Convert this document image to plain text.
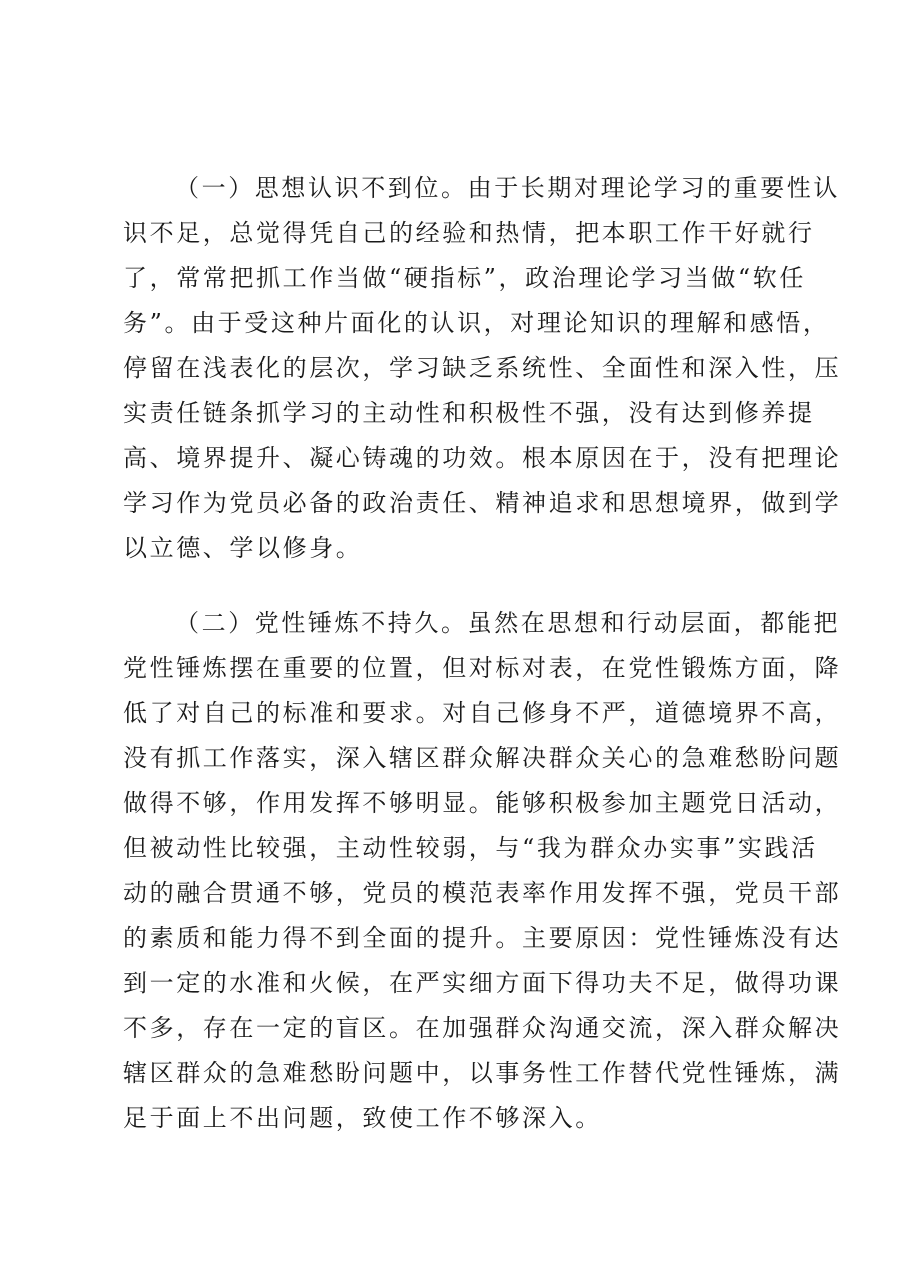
（一）思想认识不到位。由于长期对理论学习的重要性认
识不足，总觉得凭自己的经验和热情，把本职工作干好就行
了，常常把抓工作当做“硬指标”，政治理论学习当做“软任
务”。由于受这种片面化的认识，对理论知识的理解和感悟，
停留在浅表化的层次，学习缺乏系统性、全面性和深入性，压
实责任链条抓学习的主动性和积极性不强，没有达到修养提
高、境界提升、凝心铸魂的功效。根本原因在于，没有把理论
学习作为党员必备的政治责任、精神追求和思想境界，做到学
以立德、学以修身。
（二）党性锤炼不持久。虽然在思想和行动层面，都能把
党性锤炼摆在重要的位置，但对标对表，在党性锻炼方面，降
低了对自己的标准和要求。对自己修身不严，道德境界不高，
没有抓工作落实，深入辖区群众解决群众关心的急难愁盼问题
做得不够，作用发挥不够明显。能够积极参加主题党日活动，
但被动性比较强，主动性较弱，与“我为群众办实事”实践活
动的融合贯通不够，党员的模范表率作用发挥不强，党员干部
的素质和能力得不到全面的提升。主要原因：党性锤炼没有达
到一定的水准和火候，在严实细方面下得功夫不足，做得功课
不多，存在一定的盲区。在加强群众沟通交流，深入群众解决
辖区群众的急难愁盼问题中，以事务性工作替代党性锤炼，满
足于面上不出问题，致使工作不够深入。
